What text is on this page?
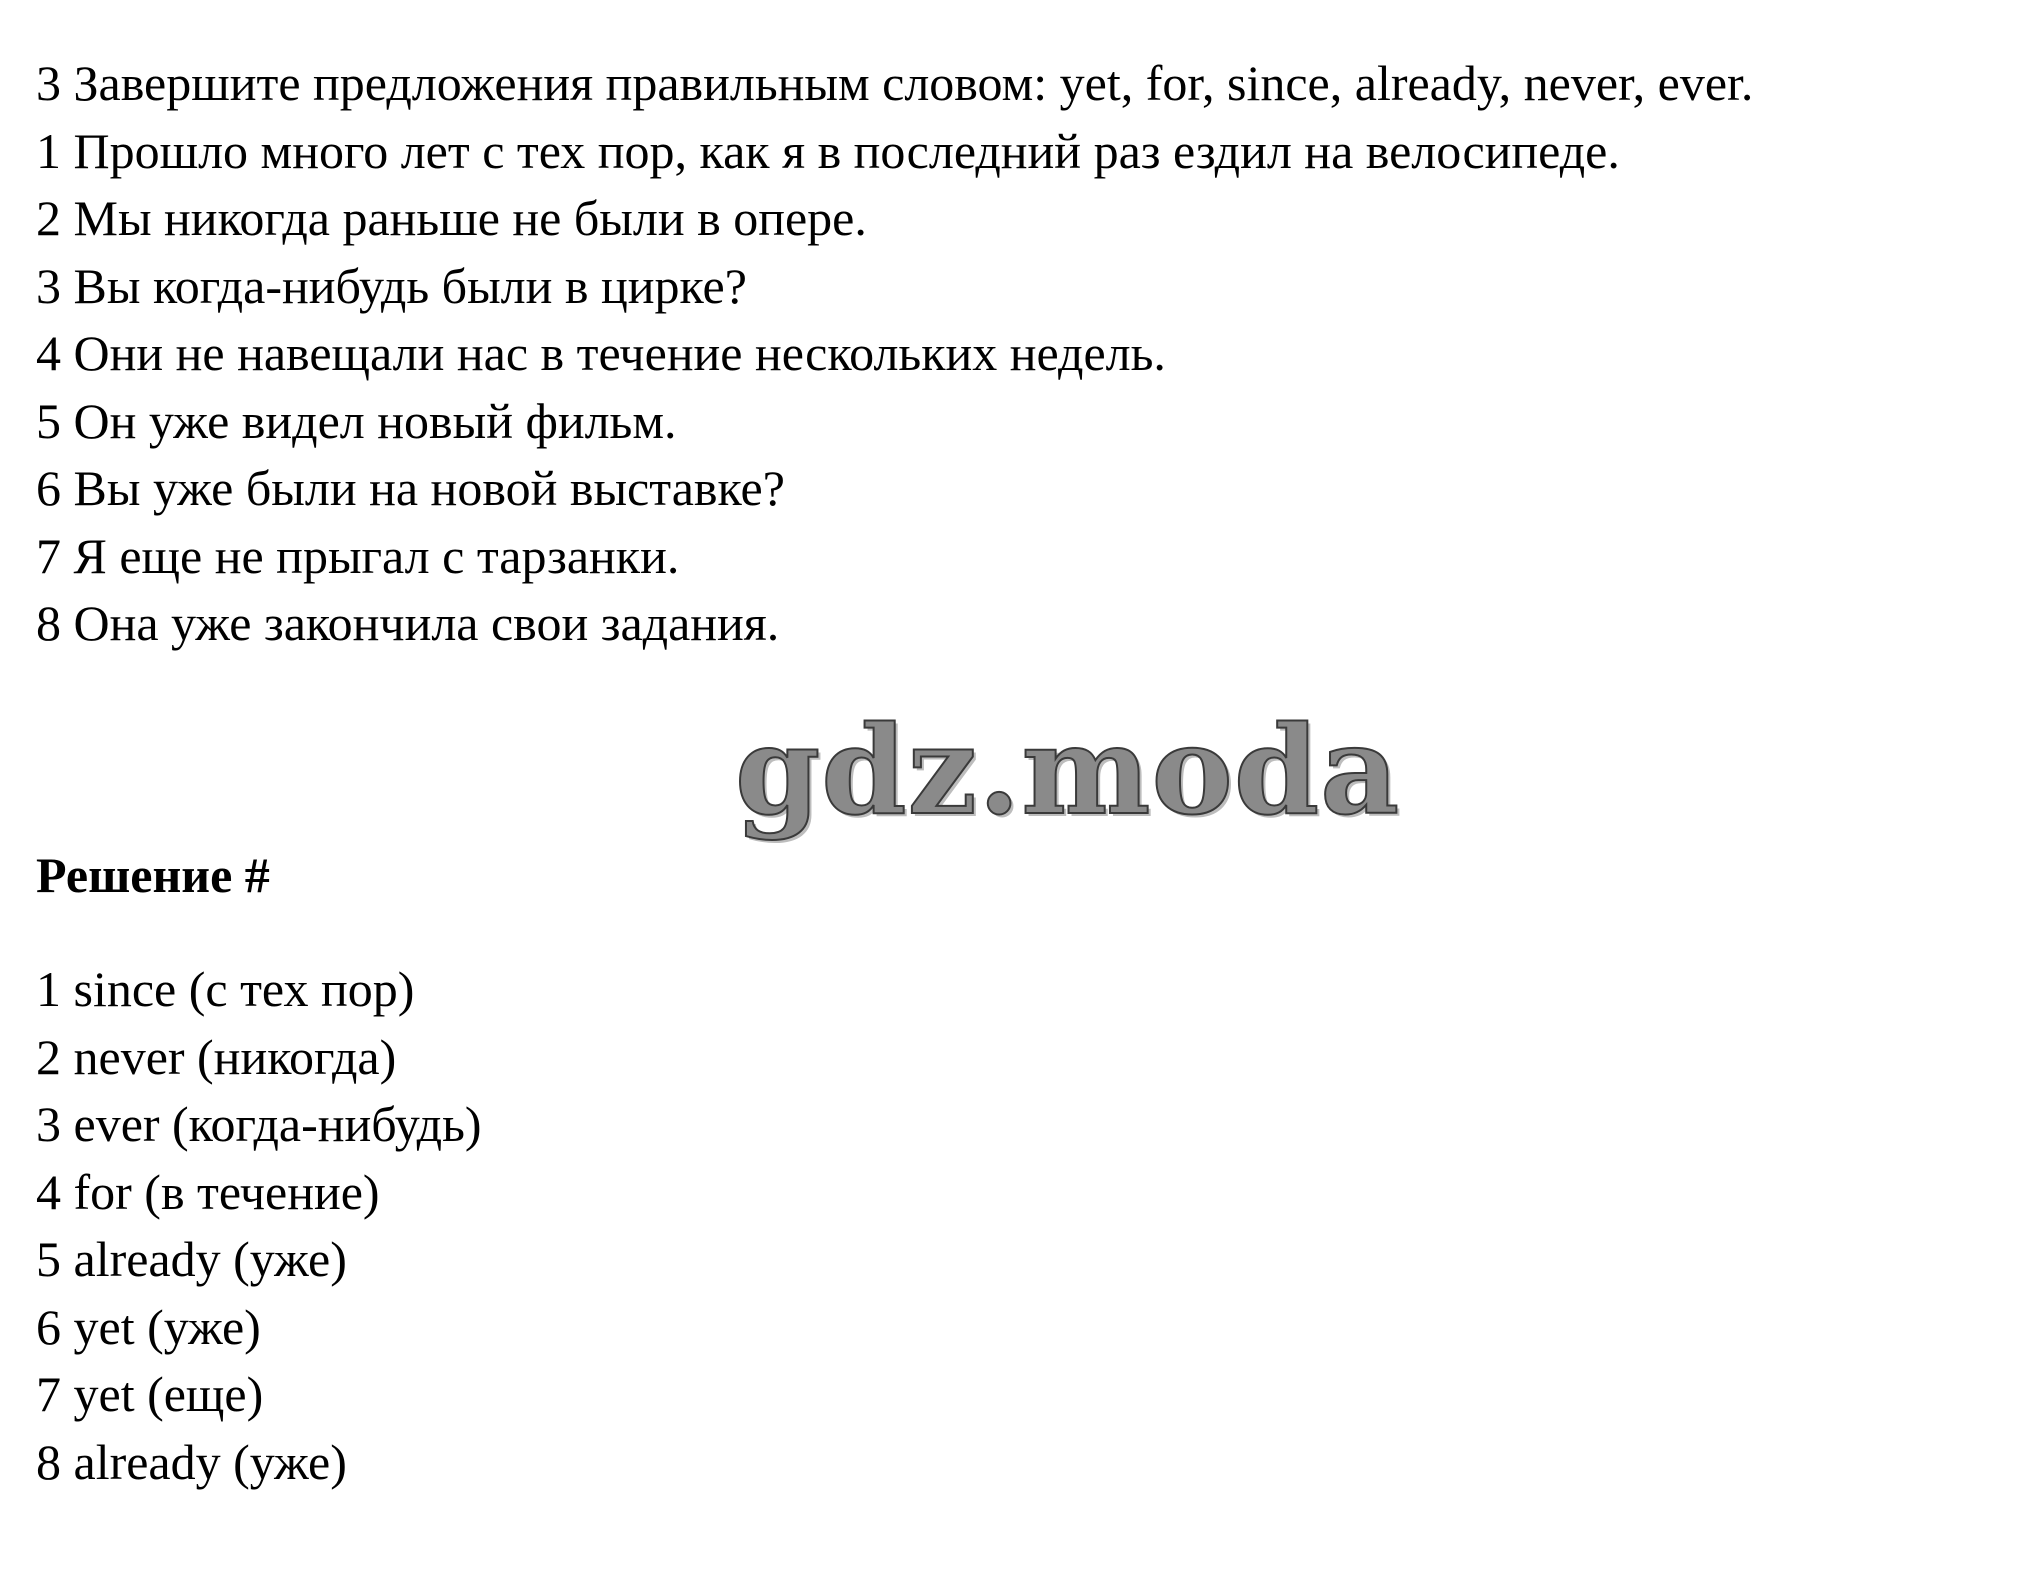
3 Завершите предложения правильным словом: yet, for, since, already, never, ever.

1 Прошло много лет с тех пор, как я в последний раз ездил на велосипеде.
2 Мы никогда раньше не были в опере.
3 Вы когда-нибудь были в цирке?
4 Они не навещали нас в течение нескольких недель.
5 Он уже видел новый фильм.
6 Вы уже были на новой выставке?
7 Я еще не прыгал с тарзанки.
8 Она уже закончила свои задания.
gdz.moda
Решение #
1 since (с тех пор)
2 never (никогда)
3 ever (когда-нибудь)
4 for (в течение)
5 already (уже)
6 yet (уже)
7 yet (еще)
8 already (уже)
